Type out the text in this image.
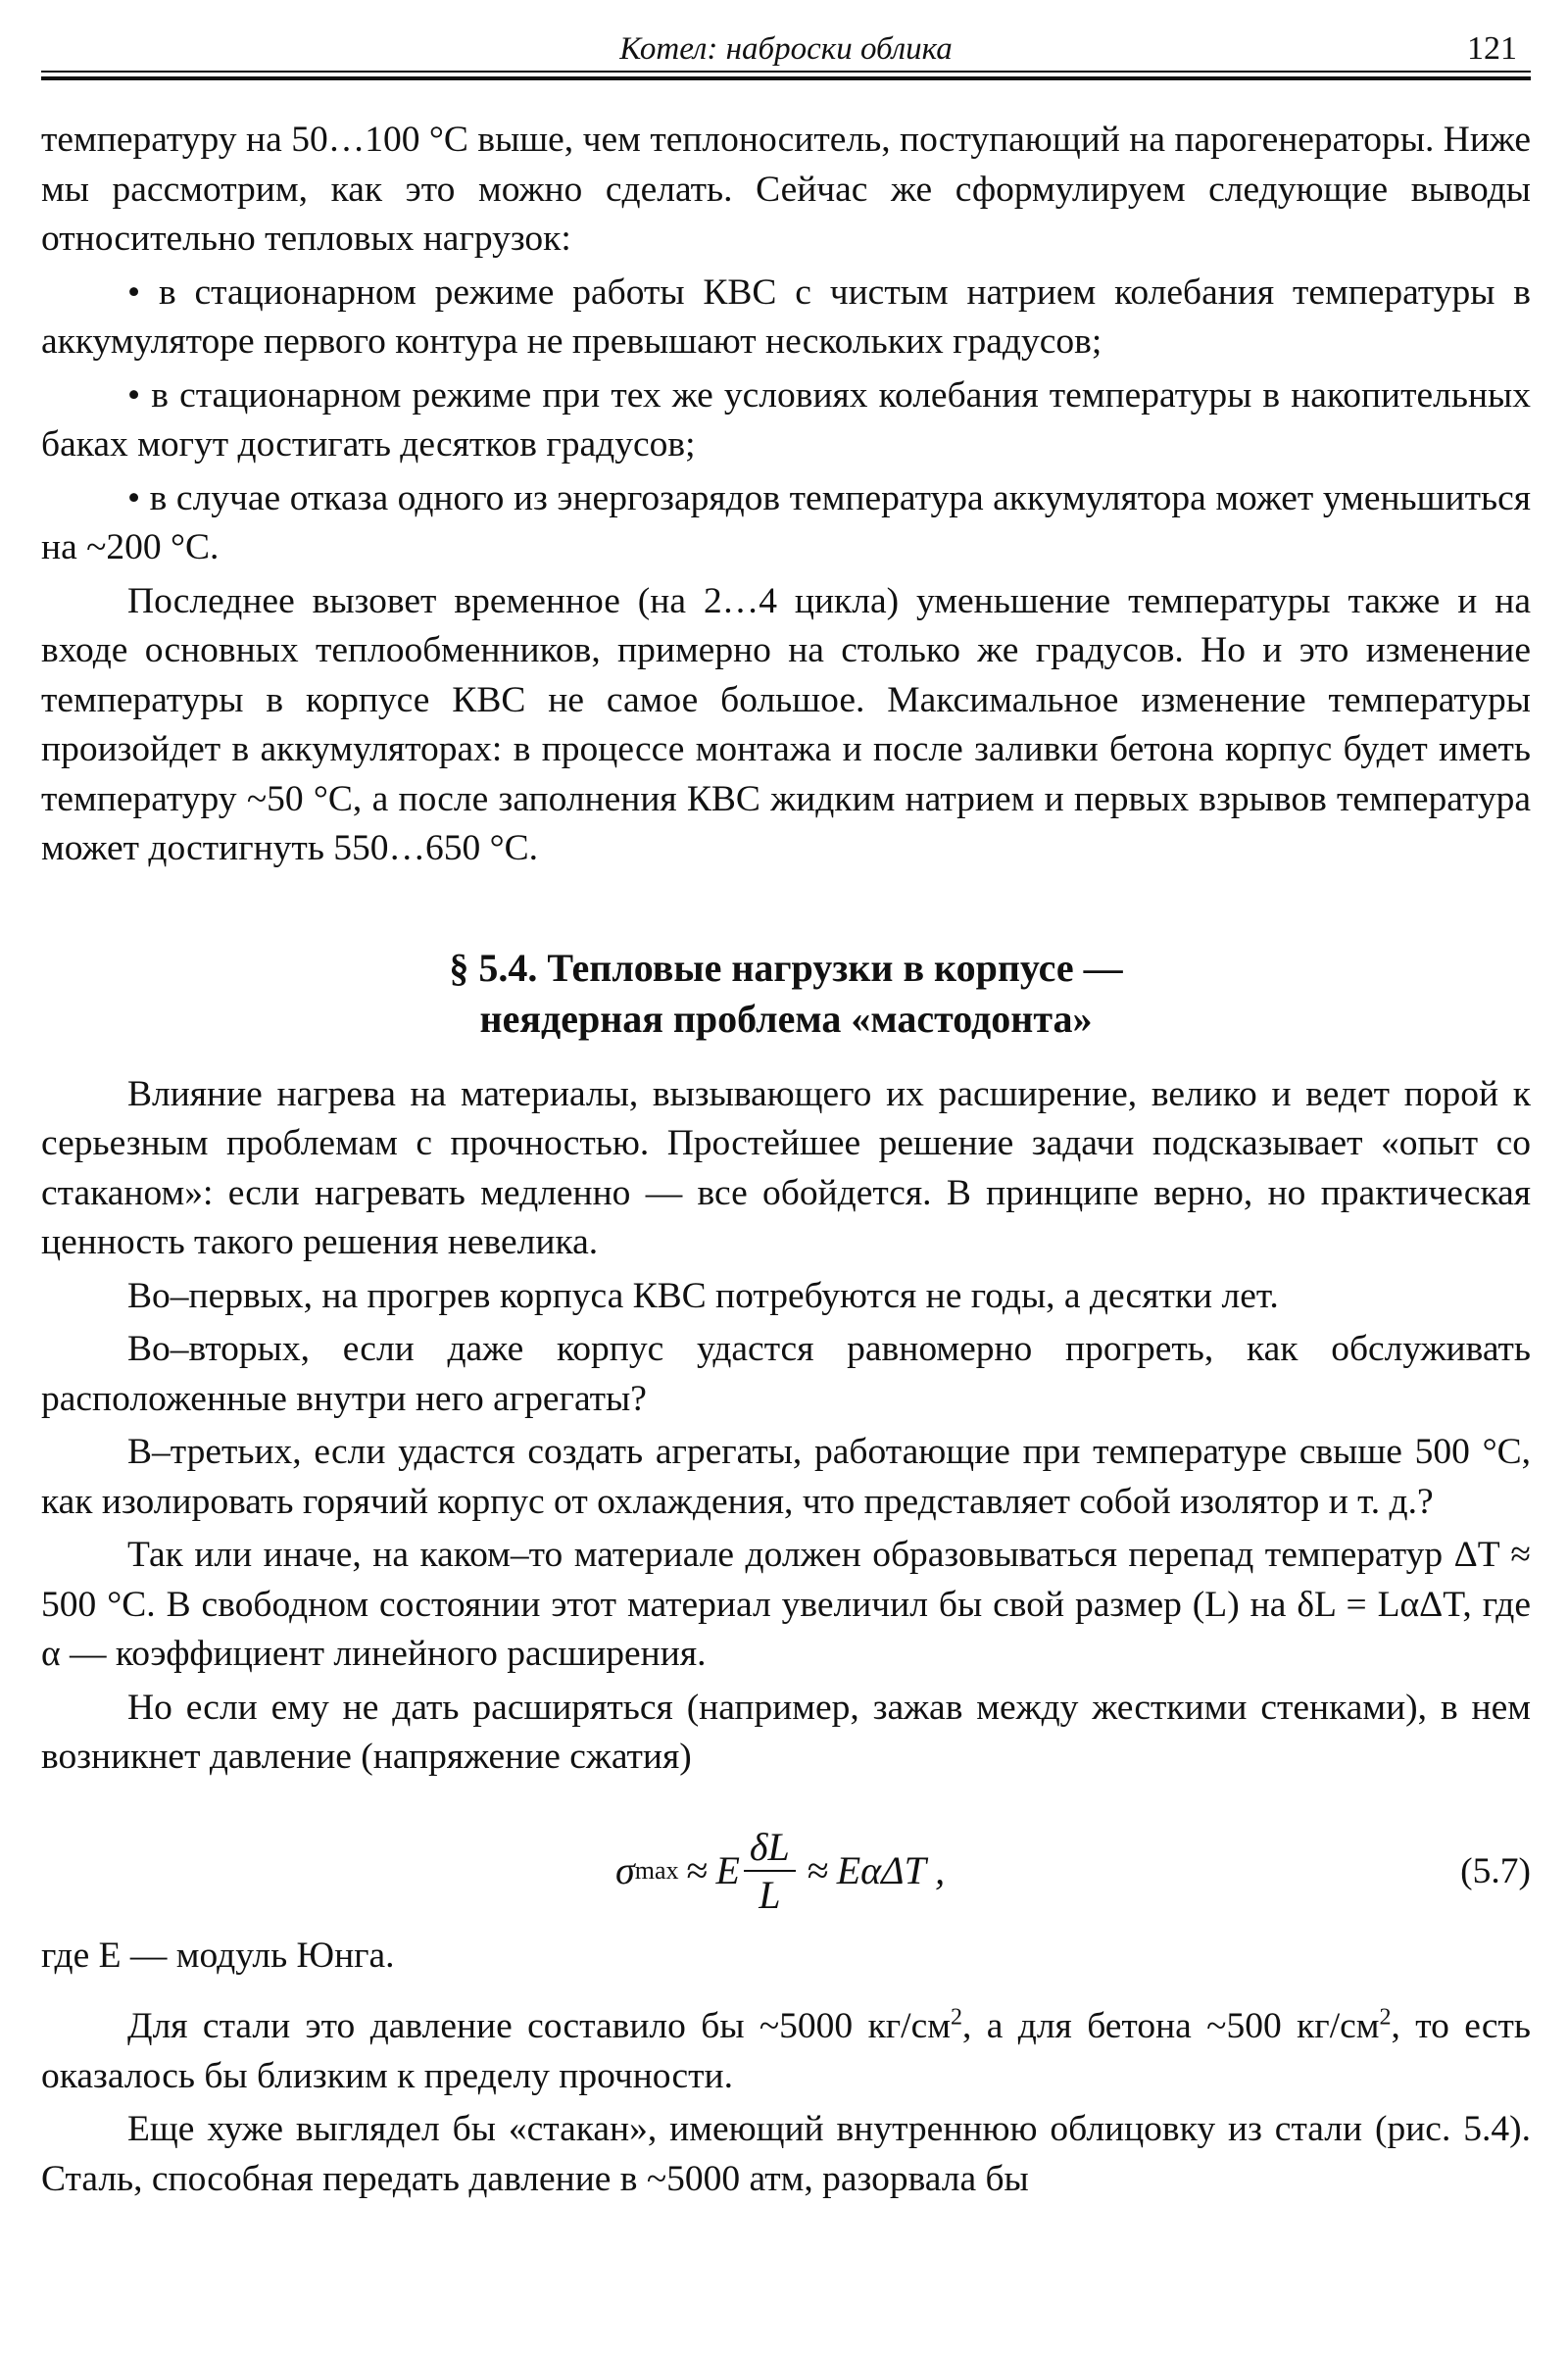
Котел: наброски облика	121

температуру на 50…100 °C выше, чем теплоноситель, поступающий на парогенераторы. Ниже мы рассмотрим, как это можно сделать. Сейчас же сформулируем следующие выводы относительно тепловых нагрузок:

• в стационарном режиме работы КВС с чистым натрием колебания температуры в аккумуляторе первого контура не превышают нескольких градусов;

• в стационарном режиме при тех же условиях колебания температуры в накопительных баках могут достигать десятков градусов;

• в случае отказа одного из энергозарядов температура аккумулятора может уменьшиться на ~200 °C.

Последнее вызовет временное (на 2…4 цикла) уменьшение температуры также и на входе основных теплообменников, примерно на столько же градусов. Но и это изменение температуры в корпусе КВС не самое большое. Максимальное изменение температуры произойдет в аккумуляторах: в процессе монтажа и после заливки бетона корпус будет иметь температуру ~50 °C, а после заполнения КВС жидким натрием и первых взрывов температура может достигнуть 550…650 °C.

§ 5.4. Тепловые нагрузки в корпусе —
неядерная проблема «мастодонта»

Влияние нагрева на материалы, вызывающего их расширение, велико и ведет порой к серьезным проблемам с прочностью. Простейшее решение задачи подсказывает «опыт со стаканом»: если нагревать медленно — все обойдется. В принципе верно, но практическая ценность такого решения невелика.

Во–первых, на прогрев корпуса КВС потребуются не годы, а десятки лет.

Во–вторых, если даже корпус удастся равномерно прогреть, как обслуживать расположенные внутри него агрегаты?

В–третьих, если удастся создать агрегаты, работающие при температуре свыше 500 °C, как изолировать горячий корпус от охлаждения, что представляет собой изолятор и т. д.?

Так или иначе, на каком–то материале должен образовываться перепад температур ΔT ≈ 500 °C. В свободном состоянии этот материал увеличил бы свой размер (L) на δL = LαΔT, где α — коэффициент линейного расширения.

Но если ему не дать расширяться (например, зажав между жесткими стенками), в нем возникнет давление (напряжение сжатия)

σ max ≈ E $\frac{\delta L}{L} \approx E\alpha\Delta T$ ,	(5.7)

где E — модуль Юнга.

Для стали это давление составило бы ~5000 $кг/см^2$, а для бетона ~500 $кг/см^2$, то есть оказалось бы близким к пределу прочности.

Еще хуже выглядел бы «стакан», имеющий внутреннюю облицовку из стали (рис. 5.4). Сталь, способная передать давление в ~5000 атм, разорвала бы
